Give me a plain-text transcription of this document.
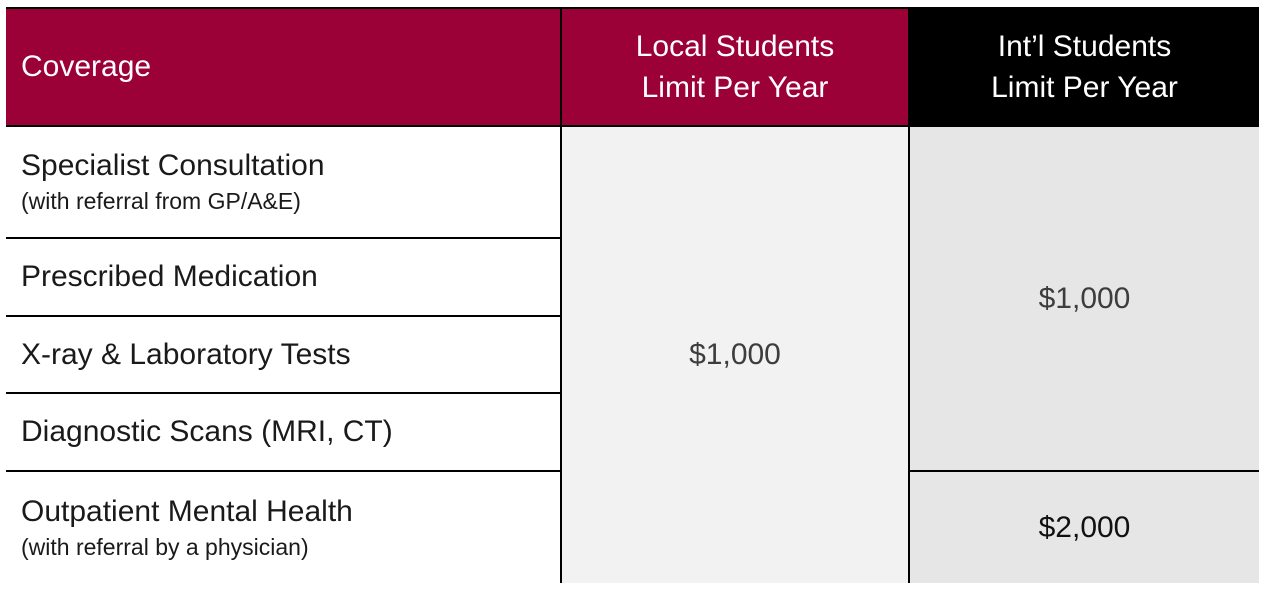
Coverage
Local Students
Limit Per Year
Int’l Students
Limit Per Year
Specialist Consultation
(with referral from GP/A&E)
Prescribed Medication
X-ray & Laboratory Tests
Diagnostic Scans (MRI, CT)
Outpatient Mental Health
(with referral by a physician)
$1,000
$1,000
$2,000
